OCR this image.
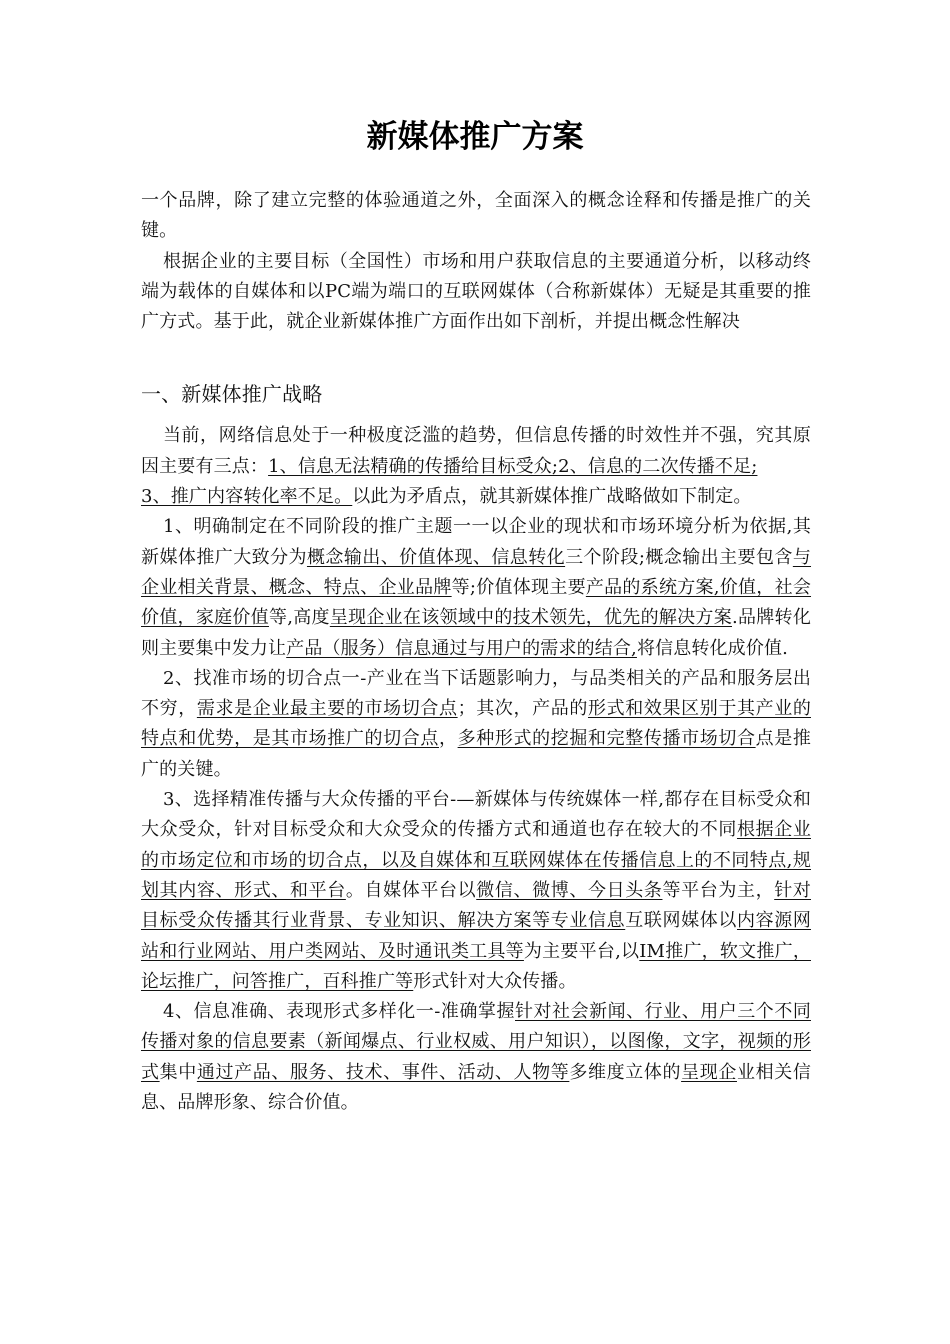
新媒体推广方案

一个品牌，除了建立完整的体验通道之外，全面深入的概念诠释和传播是推广的关键。

根据企业的主要目标（全国性）市场和用户获取信息的主要通道分析，以移动终端为载体的自媒体和以PC端为端口的互联网媒体（合称新媒体）无疑是其重要的推广方式。基于此，就企业新媒体推广方面作出如下剖析，并提出概念性解决

一、新媒体推广战略

当前，网络信息处于一种极度泛滥的趋势，但信息传播的时效性并不强，究其原因主要有三点：1、信息无法精确的传播给目标受众;2、信息的二次传播不足;
3、推广内容转化率不足。以此为矛盾点，就其新媒体推广战略做如下制定。

1、明确制定在不同阶段的推广主题一一以企业的现状和市场环境分析为依据,其新媒体推广大致分为概念输出、价值体现、信息转化三个阶段;概念输出主要包含与企业相关背景、概念、特点、企业品牌等;价值体现主要产品的系统方案,价值，社会价值，家庭价值等,高度呈现企业在该领域中的技术领先，优先的解决方案.品牌转化则主要集中发力让产品（服务）信息通过与用户的需求的结合,将信息转化成价值.

2、找准市场的切合点一-产业在当下话题影响力，与品类相关的产品和服务层出不穷，需求是企业最主要的市场切合点；其次，产品的形式和效果区别于其产业的特点和优势，是其市场推广的切合点，多种形式的挖掘和完整传播市场切合点是推广的关键。

3、选择精准传播与大众传播的平台-—新媒体与传统媒体一样,都存在目标受众和大众受众，针对目标受众和大众受众的传播方式和通道也存在较大的不同根据企业的市场定位和市场的切合点，以及自媒体和互联网媒体在传播信息上的不同特点,规划其内容、形式、和平台。自媒体平台以微信、微博、今日头条等平台为主，针对目标受众传播其行业背景、专业知识、解决方案等专业信息互联网媒体以内容源网站和行业网站、用户类网站、及时通讯类工具等为主要平台,以IM推广，软文推广，论坛推广，问答推广，百科推广等形式针对大众传播。

4、信息准确、表现形式多样化一-准确掌握针对社会新闻、行业、用户三个不同传播对象的信息要素（新闻爆点、行业权威、用户知识），以图像，文字，视频的形式集中通过产品、服务、技术、事件、活动、人物等多维度立体的呈现企业相关信息、品牌形象、综合价值。
